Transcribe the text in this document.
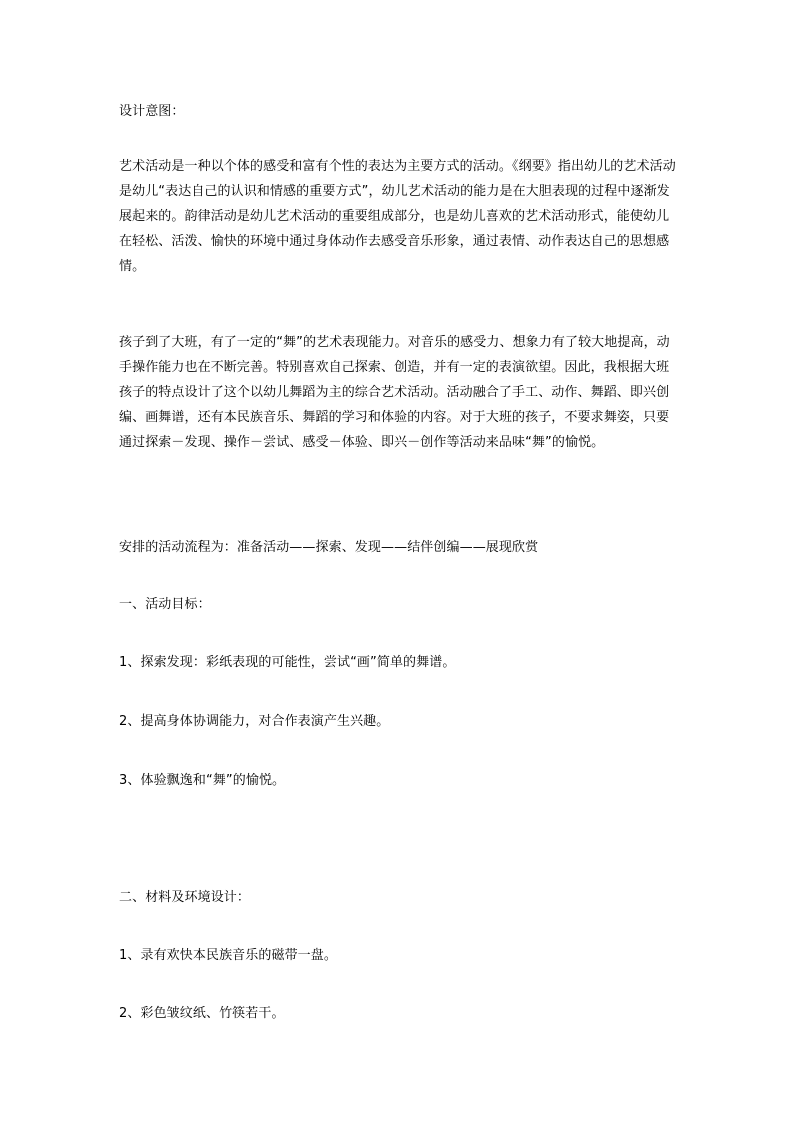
设计意图：

艺术活动是一种以个体的感受和富有个性的表达为主要方式的活动。《纲要》指出幼儿的艺术活动是幼儿“表达自己的认识和情感的重要方式”，幼儿艺术活动的能力是在大胆表现的过程中逐渐发展起来的。韵律活动是幼儿艺术活动的重要组成部分，也是幼儿喜欢的艺术活动形式，能使幼儿在轻松、活泼、愉快的环境中通过身体动作去感受音乐形象，通过表情、动作表达自己的思想感情。

孩子到了大班，有了一定的“舞”的艺术表现能力。对音乐的感受力、想象力有了较大地提高，动手操作能力也在不断完善。特别喜欢自己探索、创造，并有一定的表演欲望。因此，我根据大班孩子的特点设计了这个以幼儿舞蹈为主的综合艺术活动。活动融合了手工、动作、舞蹈、即兴创编、画舞谱，还有本民族音乐、舞蹈的学习和体验的内容。对于大班的孩子，不要求舞姿，只要通过探索－发现、操作－尝试、感受－体验、即兴－创作等活动来品味“舞”的愉悦。

安排的活动流程为：准备活动——探索、发现——结伴创编——展现欣赏

一、活动目标：

1、探索发现：彩纸表现的可能性，尝试“画”简单的舞谱。

2、提高身体协调能力，对合作表演产生兴趣。

3、体验飘逸和“舞”的愉悦。

二、材料及环境设计：

1、录有欢快本民族音乐的磁带一盘。

2、彩色皱纹纸、竹筷若干。
